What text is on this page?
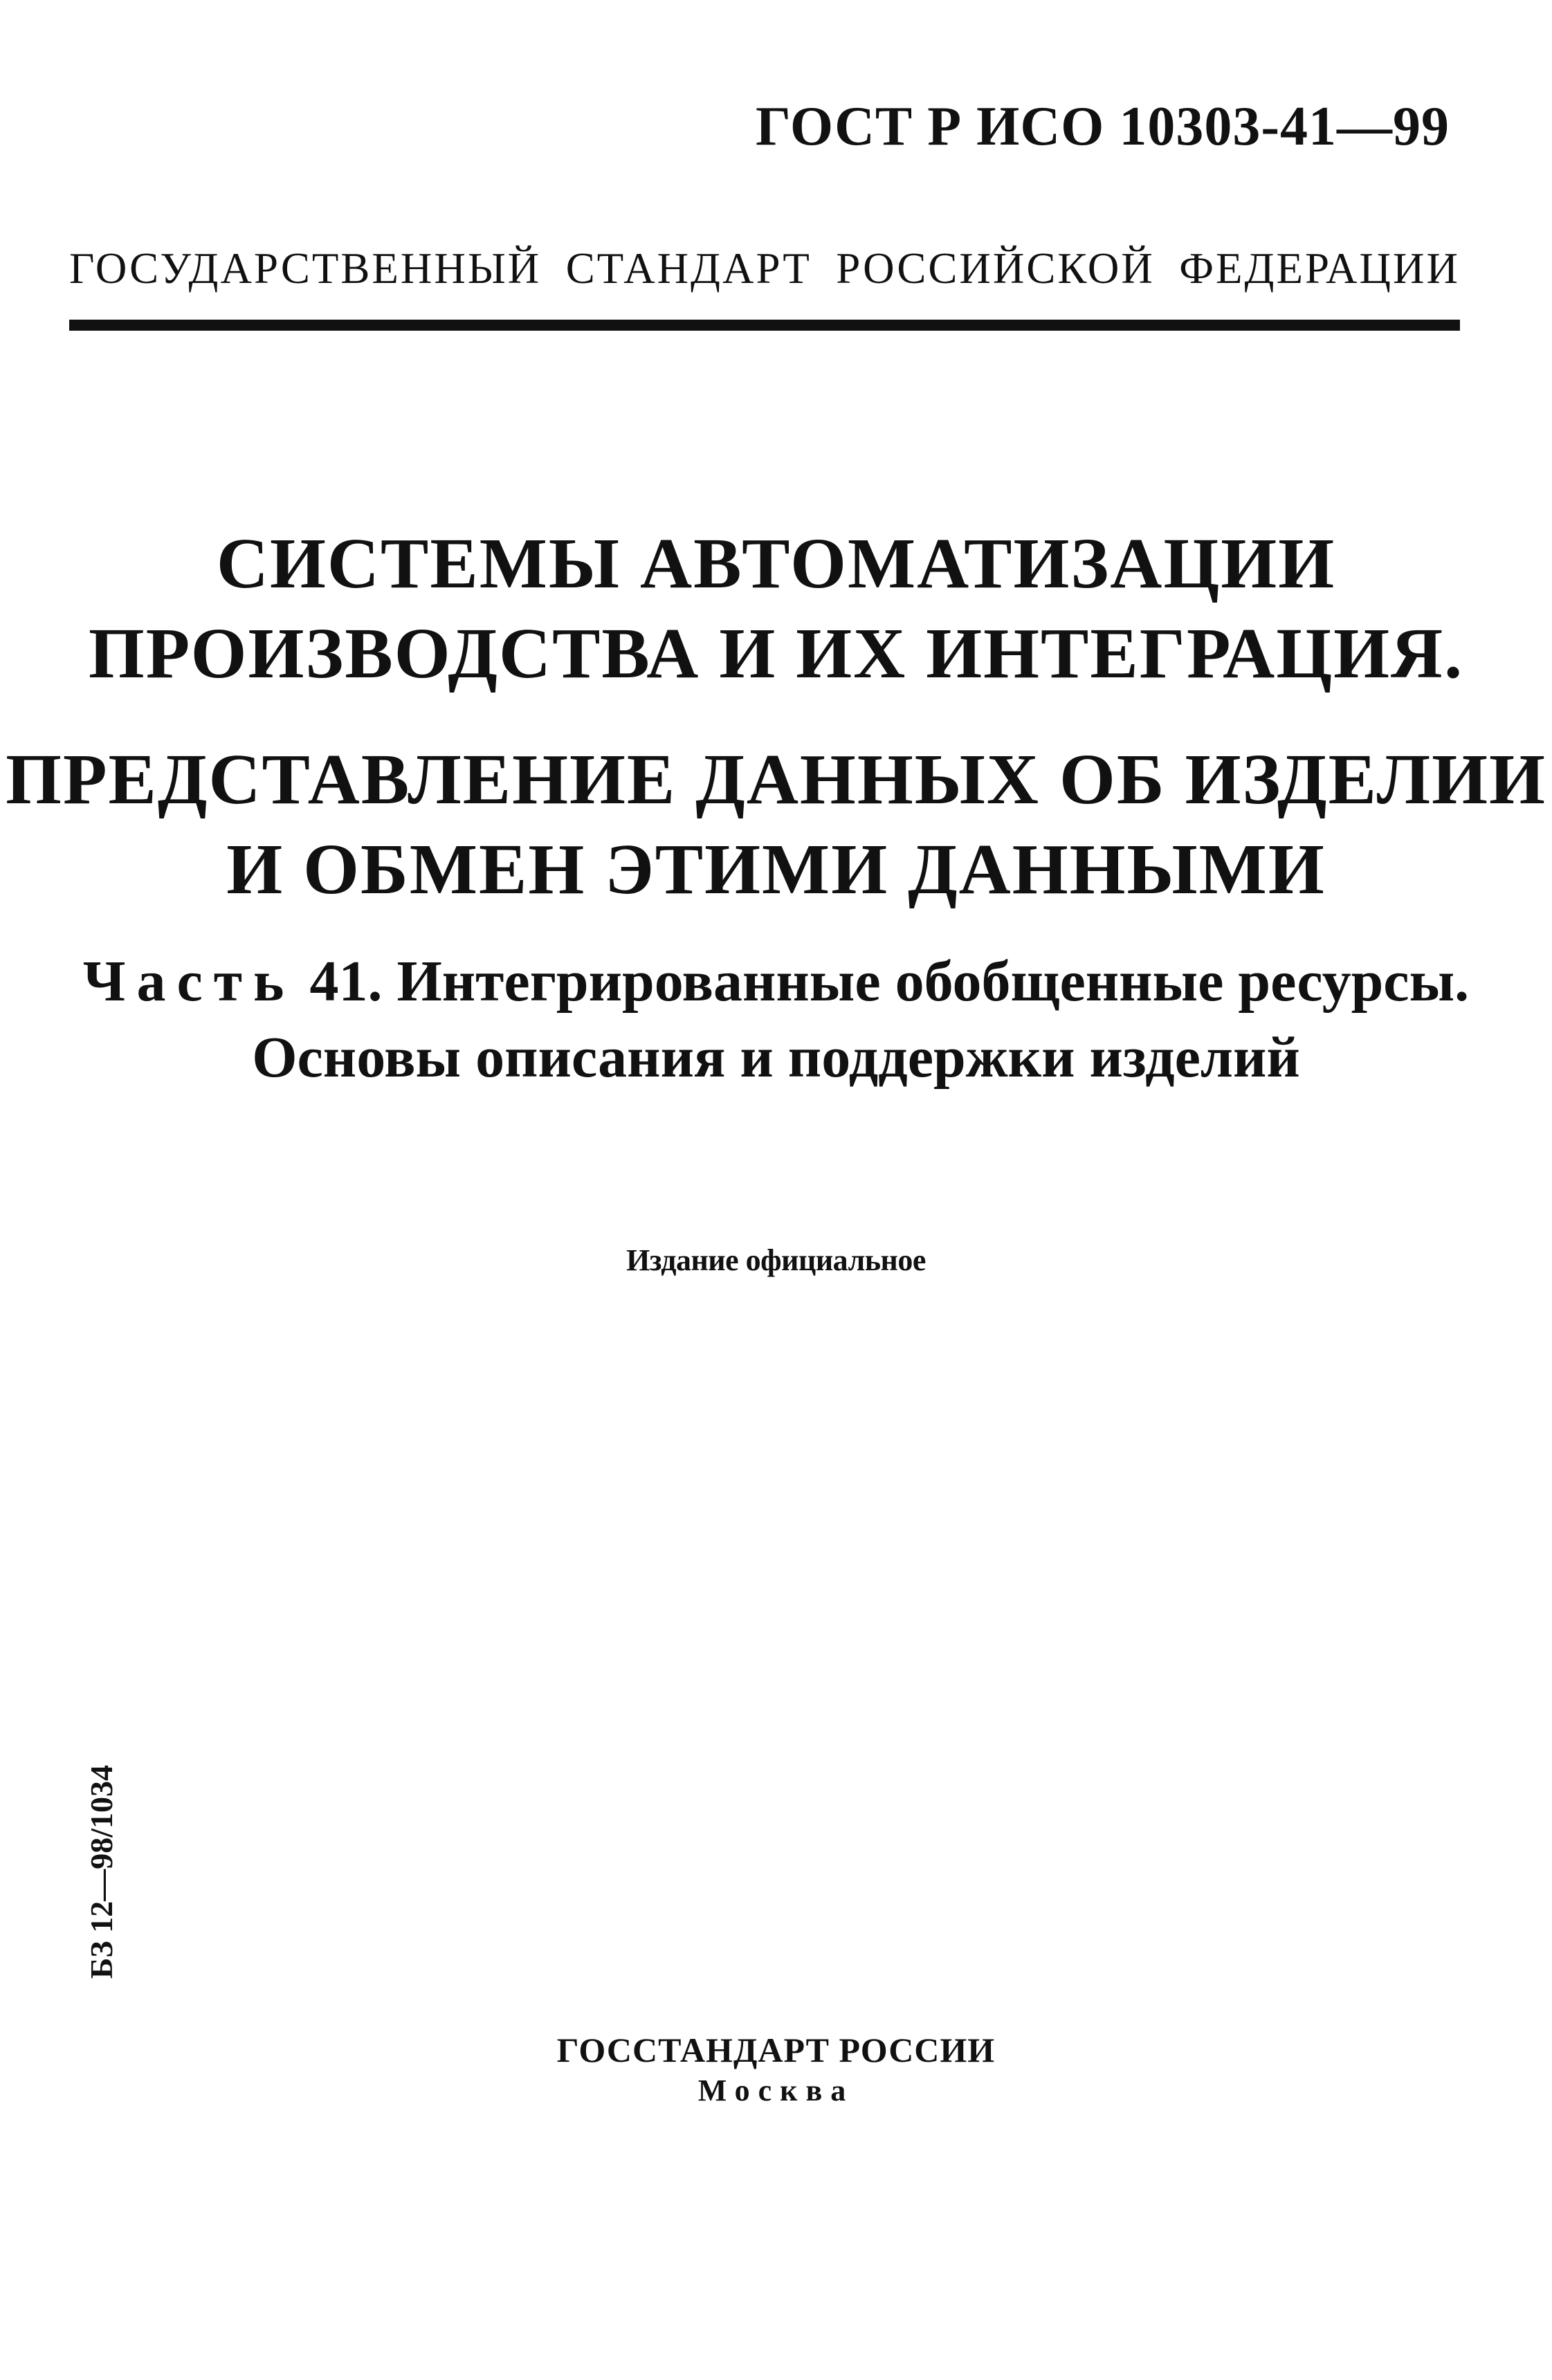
ГОСТ Р ИСО 10303-41—99
ГОСУДАРСТВЕННЫЙ СТАНДАРТ РОССИЙСКОЙ ФЕДЕРАЦИИ
СИСТЕМЫ АВТОМАТИЗАЦИИ
ПРОИЗВОДСТВА И ИХ ИНТЕГРАЦИЯ.
ПРЕДСТАВЛЕНИЕ ДАННЫХ ОБ ИЗДЕЛИИ
И ОБМЕН ЭТИМИ ДАННЫМИ
Часть 41. Интегрированные обобщенные ресурсы.
Основы описания и поддержки изделий
Издание официальное
БЗ 12—98/1034
ГОССТАНДАРТ РОССИИ
Москва
